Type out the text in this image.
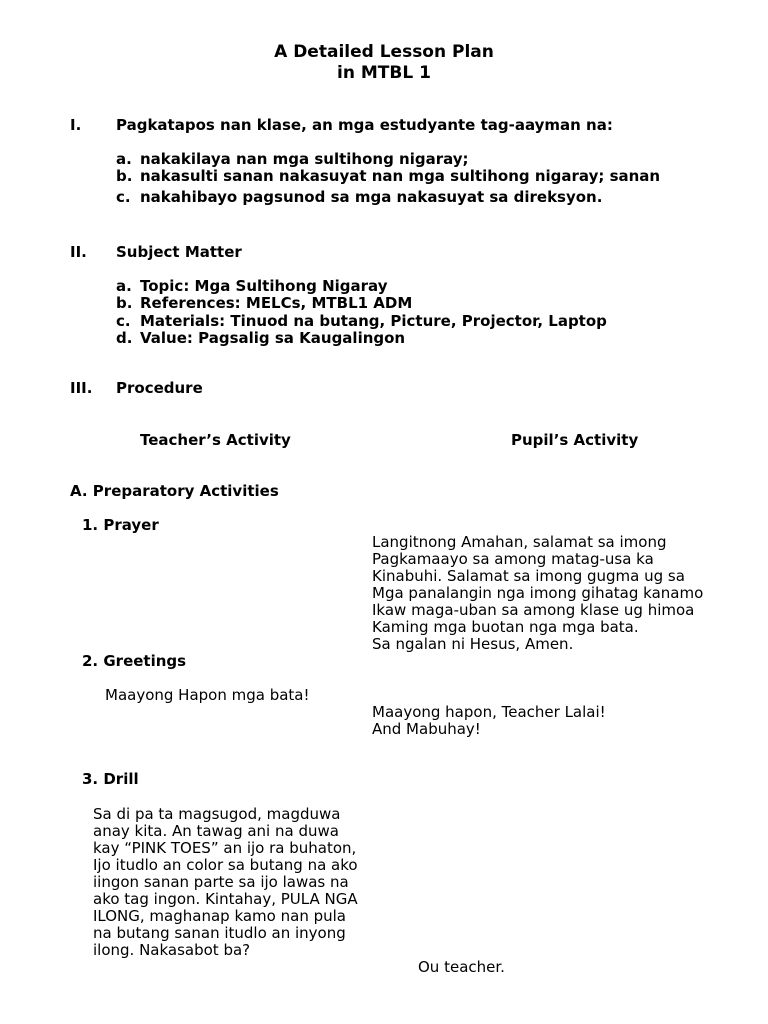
A Detailed Lesson Plan
in MTBL 1
I. Pagkatapos nan klase, an mga estudyante tag-aayman na:
a. nakakilaya nan mga sultihong nigaray;
b. nakasulti sanan nakasuyat nan mga sultihong nigaray; sanan
c. nakahibayo pagsunod sa mga nakasuyat sa direksyon.
II. Subject Matter
a. Topic: Mga Sultihong Nigaray
b. References: MELCs, MTBL1 ADM
c. Materials: Tinuod na butang, Picture, Projector, Laptop
d. Value: Pagsalig sa Kaugalingon
III. Procedure
Teacher’s Activity	Pupil’s Activity
A. Preparatory Activities
1. Prayer
Langitnong Amahan, salamat sa imong
Pagkamaayo sa among matag-usa ka
Kinabuhi. Salamat sa imong gugma ug sa
Mga panalangin nga imong gihatag kanamo
Ikaw maga-uban sa among klase ug himoa
Kaming mga buotan nga mga bata.
Sa ngalan ni Hesus, Amen.
2. Greetings
Maayong Hapon mga bata!
Maayong hapon, Teacher Lalai!
And Mabuhay!
3. Drill
Sa di pa ta magsugod, magduwa
anay kita. An tawag ani na duwa
kay “PINK TOES” an ijo ra buhaton,
Ijo itudlo an color sa butang na ako
iingon sanan parte sa ijo lawas na
ako tag ingon. Kintahay, PULA NGA
ILONG, maghanap kamo nan pula
na butang sanan itudlo an inyong
ilong. Nakasabot ba?
Ou teacher.
